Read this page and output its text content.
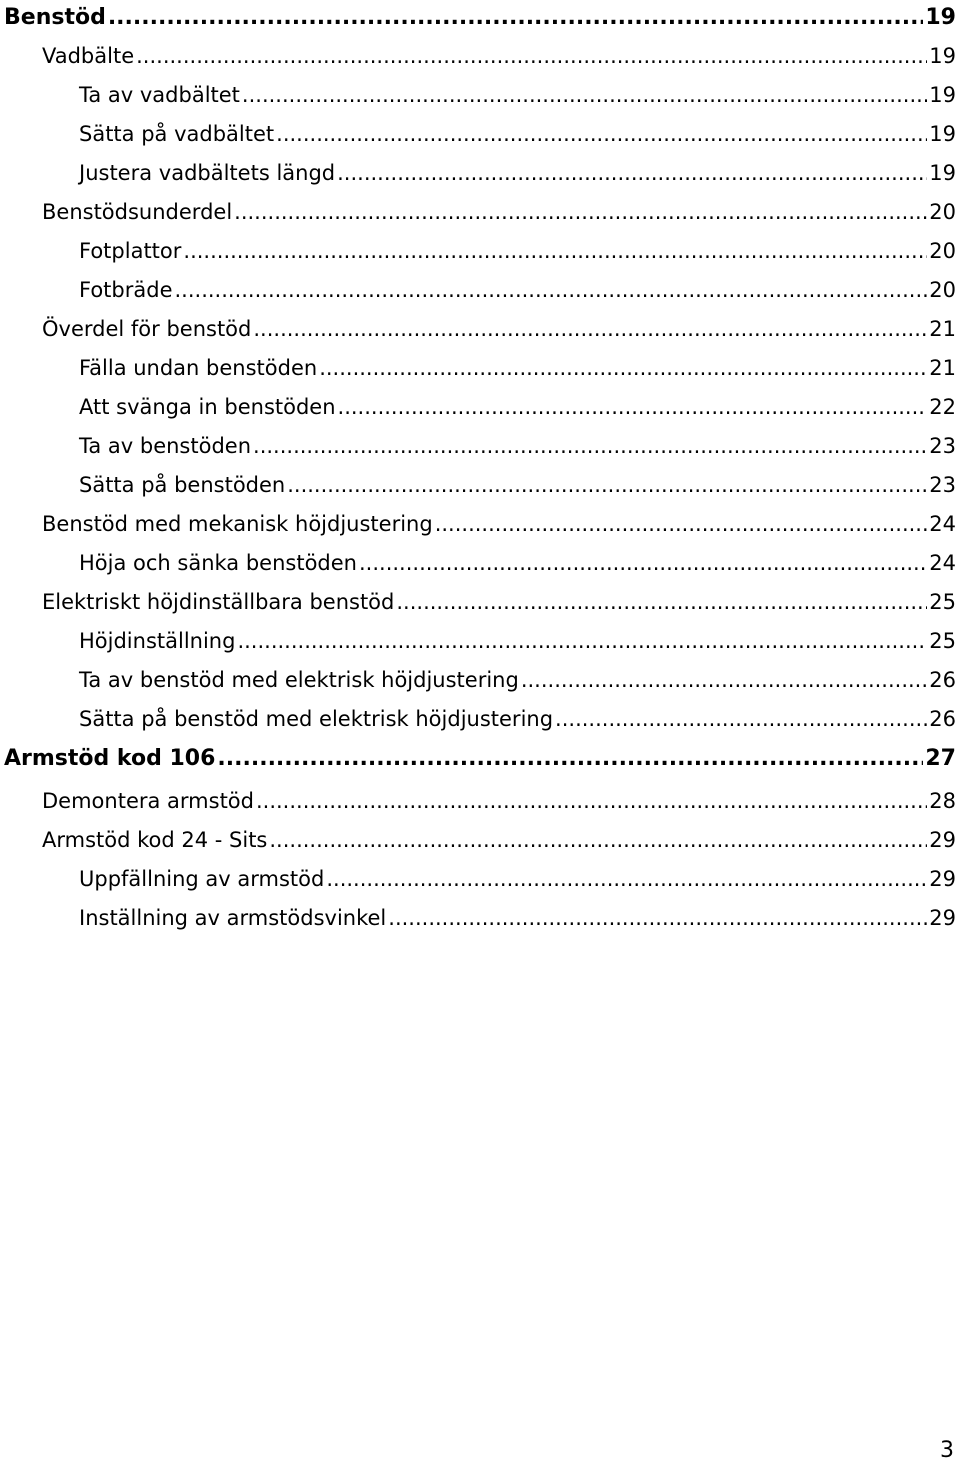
Benstöd .....	19
Vadbälte .....	19
Ta av vadbältet .....	19
Sätta på vadbältet .....	19
Justera vadbältets längd .....	19
Benstödsunderdel .....	20
Fotplattor .....	20
Fotbräde .....	20
Överdel för benstöd .....	21
Fälla undan benstöden .....	21
Att svänga in benstöden .....	22
Ta av benstöden .....	23
Sätta på benstöden .....	23
Benstöd med mekanisk höjdjustering .....	24
Höja och sänka benstöden .....	24
Elektriskt höjdinställbara benstöd .....	25
Höjdinställning .....	25
Ta av benstöd med elektrisk höjdjustering .....	26
Sätta på benstöd med elektrisk höjdjustering .....	26
Armstöd kod 106 .....	27
Demontera armstöd .....	28
Armstöd kod 24 - Sits .....	29
Uppfällning av armstöd .....	29
Inställning av armstödsvinkel .....	29
3
